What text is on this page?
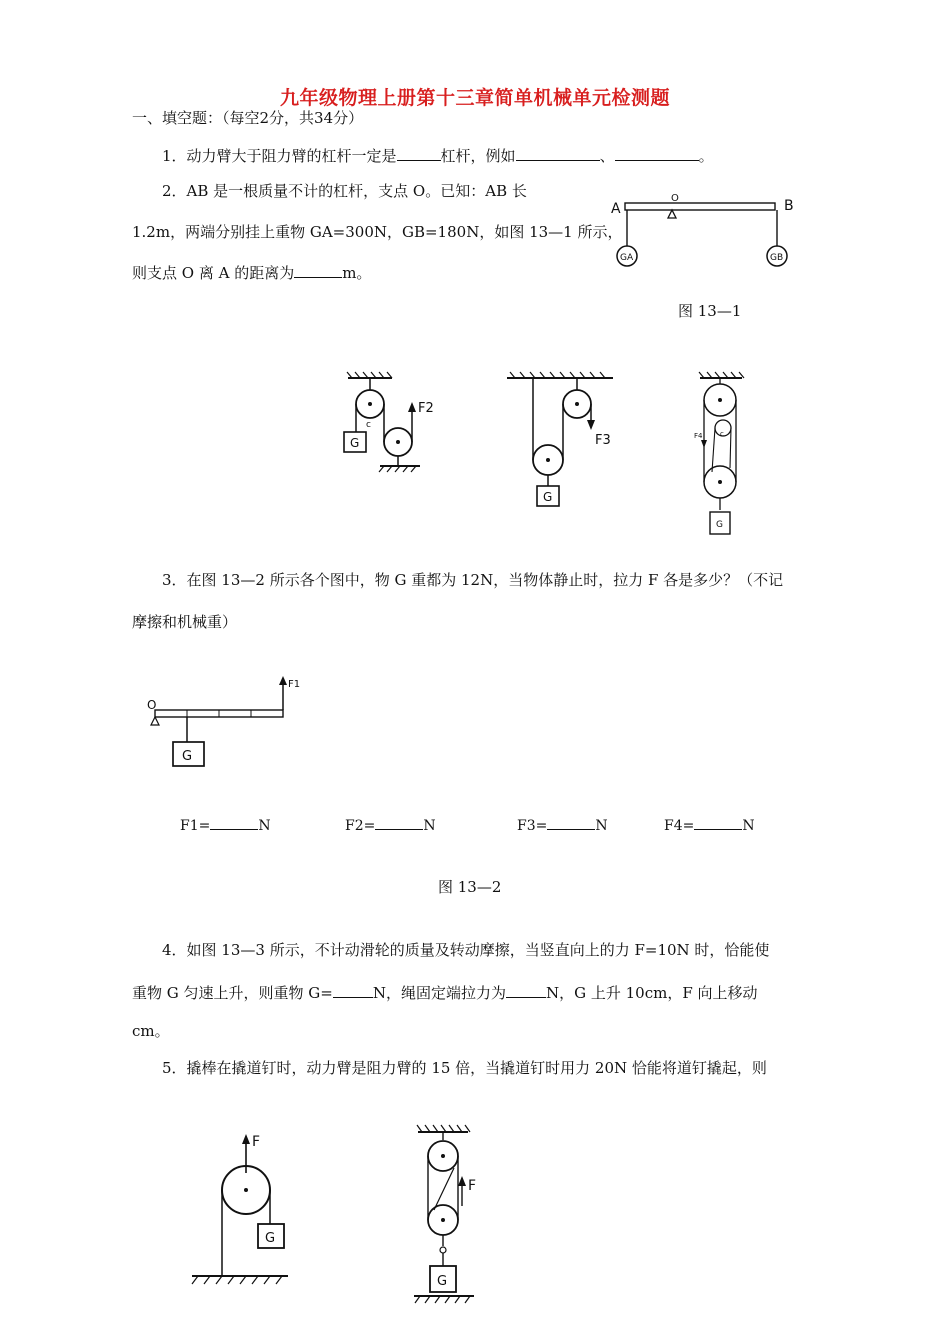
九年级物理上册第十三章简单机械单元检测题
一、填空题：（每空2分，共34分）
1．动力臂大于阻力臂的杠杆一定是	杠杆，例如	、	。
2．AB 是一根质量不计的杠杆，支点 O。已知：AB 长
1.2m，两端分别挂上重物 GA=300N，GB=180N，如图 13—1 所示，
则支点 O 离 A 的距离为	m。
A
O	B
GA	GB
图 13—1
G
c
F2
G
F3	c
F4
G
3．在图 13—2 所示各个图中，物 G 重都为 12N，当物体静止时，拉力 F 各是多少？（不记
摩擦和机械重）
O
F1
G
F1=	N	F2=	N	F3=	N	F4=	N
图 13—2
4．如图 13—3 所示，不计动滑轮的质量及转动摩擦，当竖直向上的力 F=10N 时，恰能使
重物 G 匀速上升，则重物 G=	N，绳固定端拉力为	N，G 上升 10cm，F 向上移动
cm。
5．撬棒在撬道钉时，动力臂是阻力臂的 15 倍，当撬道钉时用力 20N 恰能将道钉撬起，则
F
G
F
G
